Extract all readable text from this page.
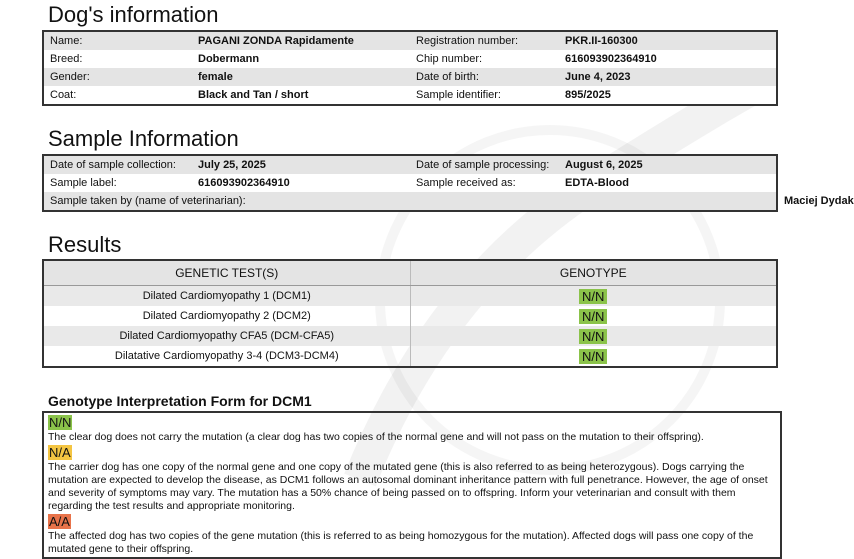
Dog's information
Name:	PAGANI ZONDA Rapidamente	Registration number:	PKR.II-160300
Breed:	Dobermann	Chip number:	616093902364910
Gender:	female	Date of birth:	June 4, 2023
Coat:	Black and Tan / short	Sample identifier:	895/2025
Sample Information
Date of sample collection:	July 25, 2025	Date of sample processing:	August 6, 2025
Sample label:	616093902364910	Sample received as:	EDTA-Blood
Sample taken by (name of veterinarian):		Maciej Dydak	
Results
GENETIC TEST(S)	GENOTYPE
Dilated Cardiomyopathy 1 (DCM1)	N/N
Dilated Cardiomyopathy 2 (DCM2)	N/N
Dilated Cardiomyopathy CFA5 (DCM-CFA5)	N/N
Dilatative Cardiomyopathy 3-4 (DCM3-DCM4)	N/N
Genotype Interpretation Form for DCM1
N/N

The clear dog does not carry the mutation (a clear dog has two copies of the normal gene and will not pass on the mutation to their offspring).

N/A

The carrier dog has one copy of the normal gene and one copy of the mutated gene (this is also referred to as being heterozygous). Dogs carrying the mutation are expected to develop the disease, as DCM1 follows an autosomal dominant inheritance pattern with full penetrance. However, the age of onset and severity of symptoms may vary. The mutation has a 50% chance of being passed on to offspring. Inform your veterinarian and consult with them regarding the test results and appropriate monitoring.

A/A

The affected dog has two copies of the gene mutation (this is referred to as being homozygous for the mutation). Affected dogs will pass one copy of the mutated gene to their offspring.
